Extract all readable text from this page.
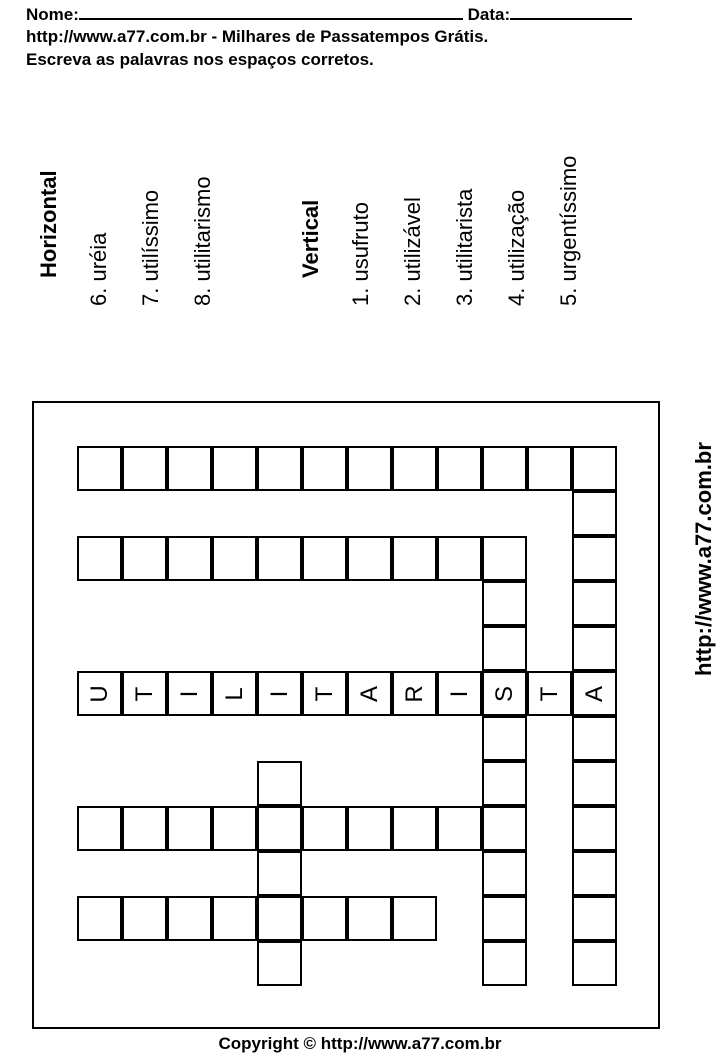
Nome:	Data:
http://www.a77.com.br - Milhares de Passatempos Grátis.
Escreva as palavras nos espaços corretos.
Horizontal 6. uréia 7. utilíssimo 8. utilitarismo	Vertical 1. usufruto 2. utilizável 3. utilitarista 4. utilização 5. urgentíssimo
U T I L I T A R I S T A
http://www.a77.com.br
Copyright © http://www.a77.com.br
